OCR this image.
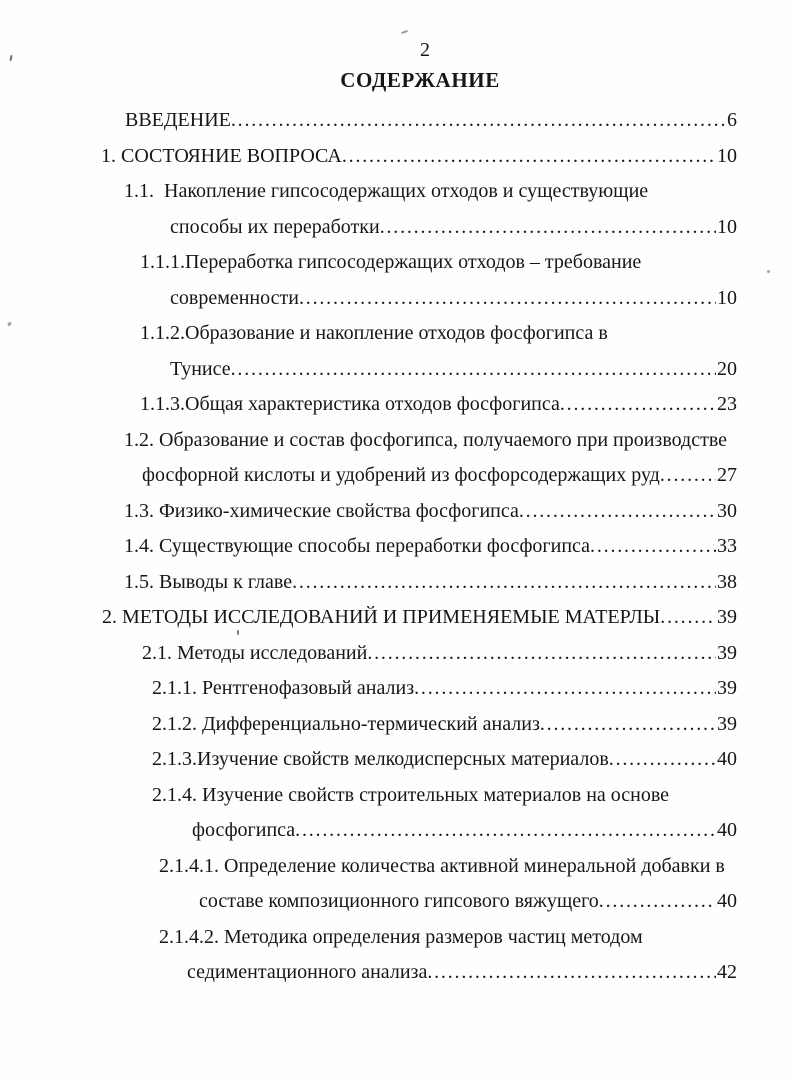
2
СОДЕРЖАНИЕ
ВВЕДЕНИЕ .....	6
1. СОСТОЯНИЕ ВОПРОСА .....	10
1.1.  Накопление гипсосодержащих отходов и существующие
способы их переработки .....	10
1.1.1.Переработка гипсосодержащих отходов – требование
современности .....	10
1.1.2.Образование и накопление отходов фосфогипса в
Тунисе .....	20
1.1.3.Общая характеристика отходов фосфогипса .....	23
1.2. Образование и состав фосфогипса, получаемого при производстве
фосфорной кислоты и удобрений из фосфорсодержащих руд .....	27
1.3. Физико-химические свойства фосфогипса .....	30
1.4. Существующие способы переработки фосфогипса .....	33
1.5. Выводы к главе .....	38
2. МЕТОДЫ ИССЛЕДОВАНИЙ И ПРИМЕНЯЕМЫЕ МАТЕРЛЫ .....	39
2.1. Методы исследований .....	39
2.1.1. Рентгенофазовый анализ .....	39
2.1.2. Дифференциально-термический анализ .....	39
2.1.3.Изучение свойств мелкодисперсных материалов .....	40
2.1.4. Изучение свойств строительных материалов на основе
фосфогипса .....	40
2.1.4.1. Определение количества активной минеральной добавки в
составе композиционного гипсового вяжущего .....	40
2.1.4.2. Методика определения размеров частиц методом
седиментационного анализа .....	42
